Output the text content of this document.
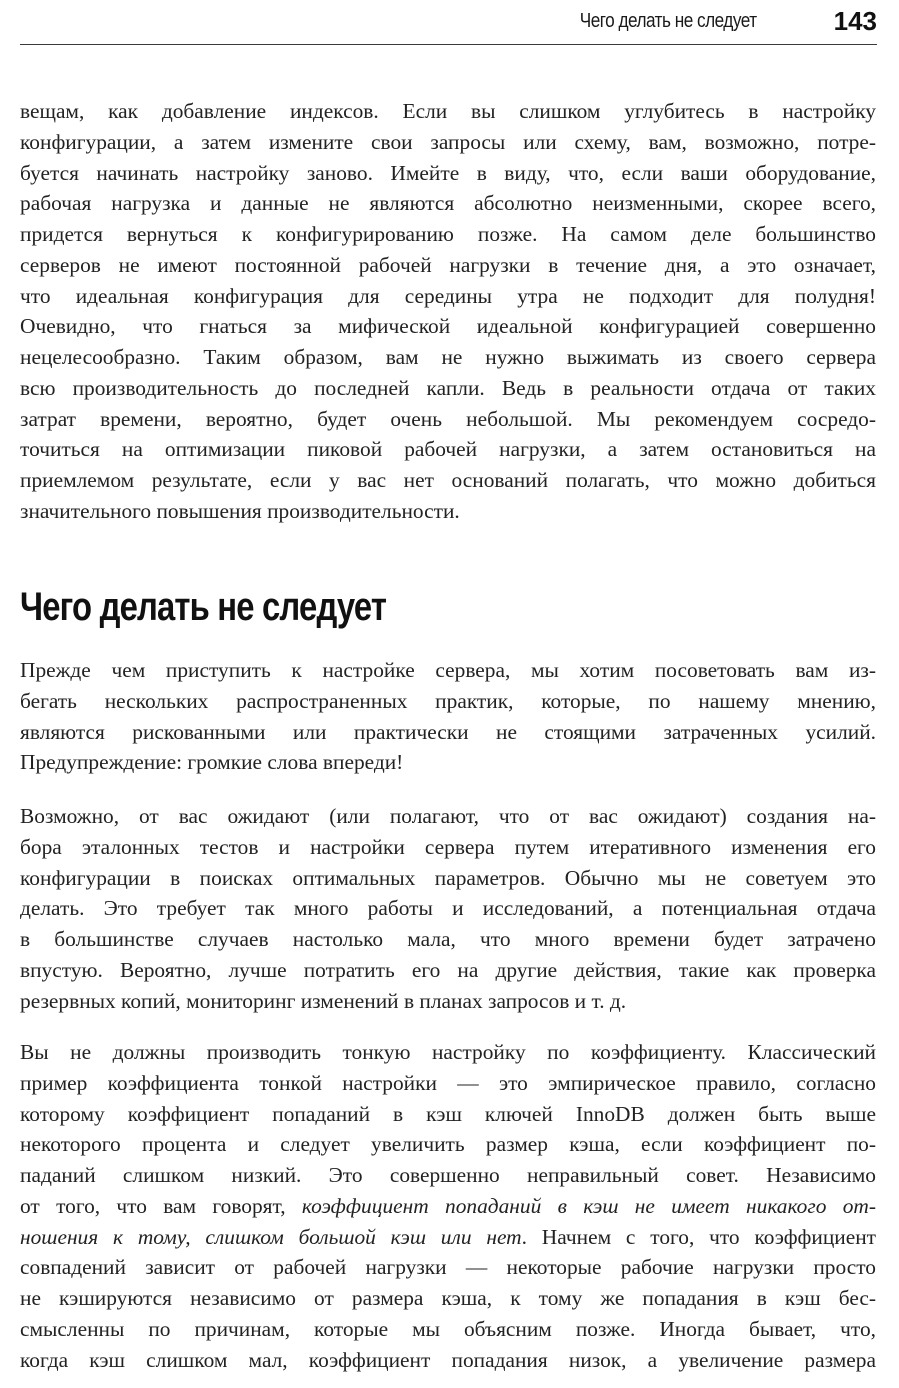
Чего делать не следует	143
вещам, как добавление индексов. Если вы слишком углубитесь в настройку
конфигурации, а затем измените свои запросы или схему, вам, возможно, потре-
буется начинать настройку заново. Имейте в виду, что, если ваши оборудование,
рабочая нагрузка и данные не являются абсолютно неизменными, скорее всего,
придется вернуться к конфигурированию позже. На самом деле большинство
серверов не имеют постоянной рабочей нагрузки в течение дня, а это означает,
что идеальная конфигурация для середины утра не подходит для полудня!
Очевидно, что гнаться за мифической идеальной конфигурацией совершенно
нецелесообразно. Таким образом, вам не нужно выжимать из своего сервера
всю производительность до последней капли. Ведь в реальности отдача от таких
затрат времени, вероятно, будет очень небольшой. Мы рекомендуем сосредо-
точиться на оптимизации пиковой рабочей нагрузки, а затем остановиться на
приемлемом результате, если у вас нет оснований полагать, что можно добиться
значительного повышения производительности.
Чего делать не следует
Прежде чем приступить к настройке сервера, мы хотим посоветовать вам из-
бегать нескольких распространенных практик, которые, по нашему мнению,
являются рискованными или практически не стоящими затраченных усилий.
Предупреждение: громкие слова впереди!
Возможно, от вас ожидают (или полагают, что от вас ожидают) создания на-
бора эталонных тестов и настройки сервера путем итеративного изменения его
конфигурации в поисках оптимальных параметров. Обычно мы не советуем это
делать. Это требует так много работы и исследований, а потенциальная отдача
в большинстве случаев настолько мала, что много времени будет затрачено
впустую. Вероятно, лучше потратить его на другие действия, такие как проверка
резервных копий, мониторинг изменений в планах запросов и т. д.
Вы не должны производить тонкую настройку по коэффициенту. Классический
пример коэффициента тонкой настройки — это эмпирическое правило, согласно
которому коэффициент попаданий в кэш ключей InnoDB должен быть выше
некоторого процента и следует увеличить размер кэша, если коэффициент по-
паданий слишком низкий. Это совершенно неправильный совет. Независимо
от того, что вам говорят, коэффициент попаданий в кэш не имеет никакого от-
ношения к тому, слишком большой кэш или нет. Начнем с того, что коэффициент
совпадений зависит от рабочей нагрузки — некоторые рабочие нагрузки просто
не кэшируются независимо от размера кэша, к тому же попадания в кэш бес-
смысленны по причинам, которые мы объясним позже. Иногда бывает, что,
когда кэш слишком мал, коэффициент попадания низок, а увеличение размера
